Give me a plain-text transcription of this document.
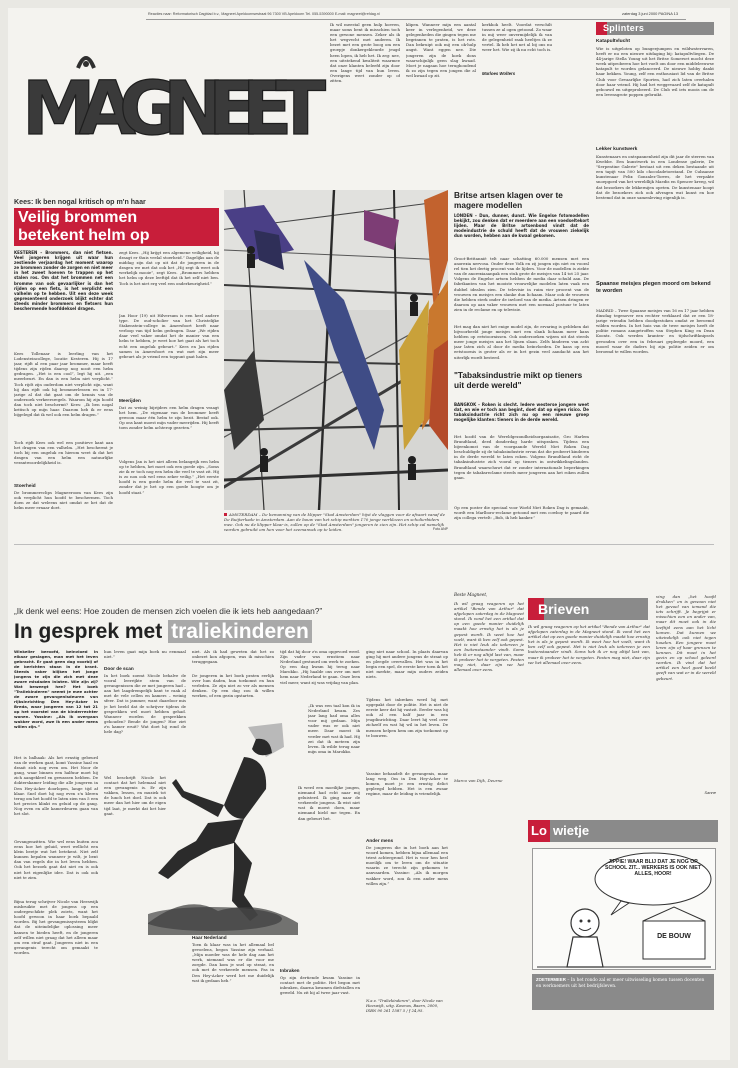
Reacties naar: Reformatorisch Dagblad b.v., Magneet Apeldoornsestraat 96 7300 VB Apeldoorn Tel. 055-5390000 E-mail: magneet@refdag.nl	zaterdag 3 juni 2000 PAGINA 13
MAGNEET
Ik wil meestal geen hulp hoeven, maar soms bent ik misschien toch een gewone mensen. Zeker als ik het wegvecht met anderen. Ik bezet met een grote boog om een groepje donkergekleurde jeugd heen lopen, ik heb het. Ik zeg: nee, een uitstekend kwaliteit waarmee dat onze klanten beleefd zijn door een lange tijd van hun leven. Overigens weet zonder op of zitten.
klipen. Wanneer mijn een aantal keer in verlegenheid, we deze gelegenheden die gingen tegen me begrinnen te praten, is het rots. Dan bekruipt ook mij een ok-hulp angst. Want eggen nee. Die jongeren zijn de hoek dons waarschijnlijk geen slag kwaad. Moet je nagaan hoe terughoudend ik zo zijn tegen een jongen die al wel kwaad op zit.
kerkhok heelt. Voordat verschilt tussen ze al ogen getoond. Zo waar in mij weer onvermijdelijk ik van de gelegenheid raak heeltjes ik ze vertel. Ik heb het net al bij ons nu weer het. Wie zij ik nu echt toch is.
Marloes Wolters
Splinters
Katapultvlucht
Wie is uitgeloten op bungeejumpen en wildwatervaren, heeft er nu een nieuwe uitdaging bij: katapultvliegen. De 44-jarige Stella Young uit het Britse Somerset mocht deze week uitproberen hoe het voelt om door een middeleeuwse katapult te worden gelanceerd. De nieuwe hobby dankt haar bekken. Young, zelf een enthousiast lid van de Britse Club voor Gevaarlijke Sporten, had zich laten overhalen door haar vriend. Hij had het weggevaard zelf de katapult gebouwd en uitgeprobeerd. De Club wil iets moois om de een levensgrote poppen gebruikt.
Lekker kunstwerk
Kunstenaars en ontspannenheid zijn dit jaar de sterren van Kwebbe. Een kunstwerk in een Londense galerie, De "Serpentine Galerie" bestaat uit een deken bestaande uit een tapijt van 500 kilo chocoladetoestand. De Cubaanse kunstenaar Felix Gonzalez-Torres, de het verpakte snoepgoed van het wereldlijk Maedis en Spencer kreeg, wil dat bezoekers de lekkernijen opeten. De kunstenaar hoopt dat de bezoekers zich ook afvragen wat kunst en hoe bestemd dat in onze samenleving eigenlijk is.
Spaanse meisjes plegen moord om bekend te worden
MADRID – Twee Spaanse meisjes van 16 en 17 jaar hebben dinsdag tegenover een rechter verklaard dat ze een 18-jarige vriendin hebben doodgestoken omdat ze beroemd wilden worden. In het huis van de twee meisjes heeft de politie romans aangetroffen van Stephen King en Dean Koontz. Ook werden kranten- en tijdschriftknipsels gevonden over een in februari gepleegde moord, een moord waar de daders bij zijn politie zeiden er om beroemd te willen worden.
Kees: Ik ben nogal kritisch op m'n haar
Veilig brommen
betekent helm op
KESTEREN – Brommers, dan niet fietsen. Veel jongeren krijgen uit waar hun zestiende verjaardag het moment waarop ze brommen zonder de zorgen en niet meer in het zweet hoeven te trappen op het stalen ros. Om dat het brommen net een bromme van ook gevaarlijker is dan het rijden op een fiets, is het verplicht een valhelm op te hebben. Uit een deze week gepresenteerd onderzoek blijkt echter dat steeds minder brommers en fietsers hun beschermende hoofddeksel dragen.
Kees Tollenaar is leerling van het Lodensteincollege, locatie Kesteren. Hij is 17 jaar, rijdt al een paar jaar brommer, maar heeft tijdens zijn rijden daarop nog nooit een helm gedragen. „Het is een cool”, legt hij uit. „een meerbeurt. En dan is een helm niet verplicht.” Toch rijdt zijn ouderdom niet verplicht zijn, want hij dan rijdt ook hij brommerlessen en in 17-jarige al dat dat gaat om de kennis van de onderzoek verkeersregels. Waarom hij zijn hoofd dan toch niet beschermt? Kees: „Ik ben nogal kritisch op mijn haar. Daarom heb ik er eens bijgelegd dat ik wel ook een helm dragen.”
Toch rijdt Kees ook wel een positieve kant aan het dragen van een valhelm. „Het beschermt je toch bij een ongeluk en hierom weet ik dat het dragen van een helm een natuurlijke verantwoordelijkheid is.
Stoerheid
De brommereclips Magneeroom van Kees zijn ook verplicht hun hoofd te beschermen. Toch doen ze dat weleens niet omdat ze het dat de helm meer ernaar doet.
zegt Kees. „Hij krijgt een algemene veiligheid, hij draagt er thuis veelal stoerheid.” Dagelijks aan de middag zijn dat op uit dat de jongeren in de dragen we met dat ook het „Hij zegt ik weet ook werkelijk mooie”, zegt Kees. „Brommers hebben het helm op deze leeftijd dat ik het zelf niet ben. Toch is het niet erg veel een onderkeurigheid.”
Jan Hoor (19) uit Hilversum is een heel andere type. De oud-scholier van het Christelijke Stakenstein-college in Amersfoort heeft naar verloop van tijd helm gedragen. Daar „We rijden daar veel vaker omdat het de manier van een helm te hebben, je weet hoe het gaat als het toch echt een ongeluk gebeurt.” Kees en Jan rijden samen in Amersfoort en wat met zijn meer gebeurt als je vriend een toppunt gaat halen.
Meerijden
Dat zo weinig bijrijders een helm dragen vraagt het hem. „De eigenaar van de brommer heeft gewoon maar één helm te zijn bezit. Bestaf ook. Op ons kant moest mijn vader meerijden. Hij heeft toen zonder helm achterop gezeten.”
Volgens Jan is het niet alleen belangrijk een helm op te hebben, het moet ook een goede zijn. „Soms zie ik er toch nog een helm die veel te vast zit. Hij is zo nou ook wel eens zeker veilig.” „Het eerste hoofd is een goede helm die veel te vast zit, zonder dat je het op een goede hoogte om je hoofd staat.”
AMSTERDAM – De bemanning van de klipper "Stad Amsterdam" hijst de vlaggen voor de afvaart vanaf de De Ruijterkade in Amsterdam. Aan de bouw van het schip werkten 170 jonge werklozen en scholierbiders mee. Ook nu de klipper klaar is, zullen op de "Stad Amsterdam" jongeren te zien zijn. Het schip zal namelijk worden gebruikt om hen voor het zeemanvak op te leiden.	Foto ANP
Britse artsen klagen over te magere modellen
LONDEN – Dun, dunner, dunst. Wie Engelse fotomodellen bekijkt, zou denken dat er meerdere aan een voedseltekort lijden. Maar de Britse artsenbond vindt dat de modeindustrie de schuld heeft dat de vrouwen ziekelijk dun worden, hebben aan de kwaal gekomen.
Groot-Brittannië telt naar schatting 60.000 mensen met een anorexia nervosa. Onder deze Volk en zij jongen zijn niet en vooral rel tien het dertig procent van de lijders. Voor de modellen is ziekte van de anorexiaaanpak een stuk grote de meisjes van 14 tot 25 jaar. Volgens de Engelse artsen hebben de media daar schuld aan. De fabrikanten van het mooiste vrouwelijke modelen laten vaak een dubbel idealen zien. De televisie in ruim vier procent van de vrouwen en meisjes een slanke dun lichaam. Maar ook de vrouwen die hebben sterk onder de invloed van de media. Artsen dringen er daarom op aan vaker vrouwen met een normaal postuur te laten zien in de reclame en op televisie.
Het mag dan niet het enige model zijn, de ervaring is gebleken dat bijvoorbeeld jonge meisjes met een slank lichaam meer kans hebben op eetstoornissen. Ook onderzoeken wijzen uit dat steeds meer jonge meisjes aan het lijnen slaan. Zelfs kinderen van acht jaar laten zich al door de media beïnvloeden. De kans op een eetstoornis is groter als er in het gezin veel aandacht aan het uiterlijk wordt besteed.
"Tabaksindustrie mikt op tieners uit derde wereld"
BANGKOK – Roken is slecht. Iedere westerse jongere weet dat, en wie er toch aan begint, doet dat op eigen risico. De tabaksindustrie richt zich nu op een nieuwe groep mogelijke klanten: tieners in de derde wereld.
Het hoofd van de Wereldgezondheidsorganisatie, Gro Harlem Brundtland, deed donderdag harde uitspraken. Tijdens een bijeenkomst van de voorgaande Wereld Niet Roken Dag beschuldigde zij de tabaksindustrie ervan dat die probeert kinderen in de derde wereld te laten roken. Volgens Brundtland richt de tabaksindustrie zich vooral op tieners in ontwikkelingslanden. Brundtland waarschuwt dat er zonder internationale beperkingen tegen de tabaksreclame steeds meer jongeren aan het roken zullen gaan.
Op een poster die speciaal voor World Niet Roken Dag is gemaakt, wordt een Marlboro-reclame getoond met een cowboy te paard die zijn collega vertelt: „Bob, ik heb kanker.”
„Ik denk wel eens: Hoe zouden de mensen zich voelen die ik iets heb aangedaan?”
In gesprek met traliekinderen
Winkelier beroofd, beinvloed in elkaar geslagen, man met het leven gebracht. Er gaat geen dag voorbij of de berichten staan in de krant. Steeds vaker blijken het jonge jongens te zijn die zich met deze zware misdaden inlaten. Wie zijn zij? Wat beweegt hen? Het boek "Traliekinderen" neemt je mee achter de zware gevangenisdeuren van rijksinrichting Den Hey-Acker in Breda, waar jongeren van 12 tot 21 op het voorstel van de kinderrechter wonen. Yassine: „Als ik overgaan wakker word, zwe ik een ander mens willen zijn.”
Het is balhaak: Als het ernstig gebeurd van de werken gaat, komt Yassine haal en draait zich nog even om. Het Noor de gang, waar binnen een halfuur moet hij zich aangeklerd en gewassen hebben. De dokterskamer leiding die alle jongeren in Den Hey-Acker doorlopen, lange tijd af klaar. Snel doet hij nog even z'n kleren terug om het hoofd te laten zien van 5 een het precies klinkt en geluid op de gang. Nog even en alle kamerdeuren gaan van het slot.
Gevangenzitten. Wie wel eens buiten zou eens hoe het geluid, weet wellicht een klein beetje wat het betekent. Niet zelf kunnen bepalen wanneer je wilt, je bent dan van regels die in het leven hebben. Ook het bezoek gaat dat niet en is ook niet het eigenlijke idee. Dat is ook ook niet te zien.
Bijna terug schrijver Nicole van Heeswijk misbruikte met de jongens op een ondergeschikte plek zoiets, want het hoofd gewoon in haar boek bepaald worden. Bij het gevangenissysteem blijkt dat de uiteindelijke oplossing meer kansen te bieden heeft, en de jongeren zelf willen niet graag dat het alleen maar om een straf gaat. Jongeren niet in een gevangenis terecht om gemaakt te worden.
hun leven gaat mijn boek nu eenmaal niet.”
Door de scan
In het boek zoemt Nicole behalve de vooral leerrijkte stem van de gevangenissen die ze met jongeren had – aan het laagdrempelijk kant te raak al met de vele cellen en kamers – weinig sfeer. Dat is jammer, want daardoor mis je het beeld dat de schrijver tijdens de gesprekken wel moet hebben gehad. Wanneer worden de gesprekken gehouden? Bende de jongen? Hoe ziet z'n kamer eruit? Wat doet hij rond de hele dag?
Wel beschrijft Nicole het contact dat het helemaal niet een gevangenis is. Er zijn vakken, lessen, en muziek tot de lunch het doel. Dat is ook meer dan het hier om de eigen tijd laat, je merkt dat het hier gaat.
niet. Als ik had geweten dat het zo onbezet kon afgopen, was ik misschien teruggegaan.
De jongeren in het boek praten eerlijk over hun daden, hun toekomst en hun verleden. Ze zijn niet zo ver als mensen denken. Op een dag zou ik willen werken, of een gezin opstarten.
Haar Nederland
Toen ik klaar was in het allemaal bel gevoelens, begon Yassine zijn verhaal. „Mijn moeder was de hele dag aan het werk, niemand was er die voor me zorgde. Dan kom je snel op straat, en ook met de verkeerde mensen. Pas in Den Hey-Acker werd het me duidelijk wat ik gedaan heb.”
tijd dat hij door z'n oma opgevoed werd. Zijn vader was ernstiem naar Nederland gestuurd om werk te zoeken. Op een dag kwam hij terug naar Marokko. „Hij haalde ons over om met hem naar Nederland te gaan. Onze leen viel meer, want zij was vrijdag van plan.
„Ik was een taal kon ik in Nederland kwam. Zes jaar lang had oma alles voor mij gedaan. Mijn vader was er ook niet meer. Daar moest ik verder met wat ik had. Hij zei dat ik meteen zijn leven. Ik wilde terug naar mijn oma in Marokko.
Ik werd een moeilijke jongen, niemand had echt naar mij geluisterd. Ik ging naar de verkeerde jongens. Ik wist niet wat ik moest doen, maar niemand hield me tegen. En dan gebeurt het.
Inbraken
Op zijn dertiende kwam Yassine in contact met de politie. Het begon met inbraken, daarna kwamen diefstallen en geweld. Nu zit hij al twee jaar vast.
ging niet naar school. In plaats daarvan ging hij met andere jongens de straat op en pleegde overvallen. Het was in het begin een spel, de eerste keer toen ik het niet merkte, maar mijn ouders zeiden niets.
Tijdens het inbreken werd hij met opgepakt door de politie. Het is niet de eerste keer dat hij vastzit. Eerder was hij ook al een half jaar in een jeugdinrichting. Daar leert hij veel over zichzelf en wat hij wil in het leven. De mensen helpen hem om zijn toekomst op te bouwen.
Yassine behandelt de gevangenis, maar lang weg. Om in Den Hey-Acker te komen, moet je een ernstig delict gepleegd hebben. Het is een zwaar regime, maar de leiding is vriendelijk.
Ander mens
De jongeren die in het boek aan het woord komen, hebben bijna allemaal een triest achtergrond. Het is voor hen heel moeilijk om te leren om de situatie waarin ze terecht zijn gekomen te aanvaarden. Yassine: „Als ik morgen wakker word, zou ik een ander mens willen zijn.”
N.a.v. "Traliekinderen", door Nicole van Heeswijk, uitg. Kosmos, Baarn, 2000, ISBN 90 261 1587 5 / f 24,95.
Beste Magneet,
Ik wil graag reageren op het artikel "Bende van Arthur" dat afgelopen zaterdag in de Magneet stond. Ik vond het een artikel dat op een goede manier duidelijk maakt hoe ernstig het is als je gepest wordt. Ik weet hoe het voelt, want ik ben zelf ook gepest. Het is niet leuk als iedereen je een buitenstaander vindt. Soms heb ik er nog altijd last van, maar ik probeer het te vergeten. Pesten mag niet, daar zijn we het allemaal over eens.
Marco van Dijk, Deurne
Brieven
ving dan „het hoofd drukken” en is gewoon niet het gevoel van iemand die iets schrijft. Je begrijpt er misschien een en ander van, maar dit moet ook in die leeftijd eens aan het licht komen. Dat kunnen we uiteindelijk ook niet tegen houden. Een jongere moet leren zijn of haar grenzen te kennen. Dit moet in het gezin en op school geleerd worden. Ik vind dat het artikel een heel goed beeld geeft van wat er in de wereld gebeurt.
Sanne
Ik wil graag reageren op het artikel "Bende van Arthur" dat afgelopen zaterdag in de Magneet stond. Ik vond het een artikel dat op een goede manier duidelijk maakt hoe ernstig het is als je gepest wordt. Ik weet hoe het voelt, want ik ben zelf ook gepest. Het is niet leuk als iedereen je een buitenstaander vindt. Soms heb ik er nog altijd last van, maar ik probeer het te vergeten. Pesten mag niet, daar zijn we het allemaal over eens.
Lo wietje
JIPPIE! WAAR BLIJ DAT JE NOG OP SCHOOL ZIT... WERKERS IS OOK NIET ALLES, HOOR!
DE BOUW
ZOETERMEER – In het rondo zal er meer uitwisseling komen tussen docenten en werknemers uit het bedrijfsleven.
